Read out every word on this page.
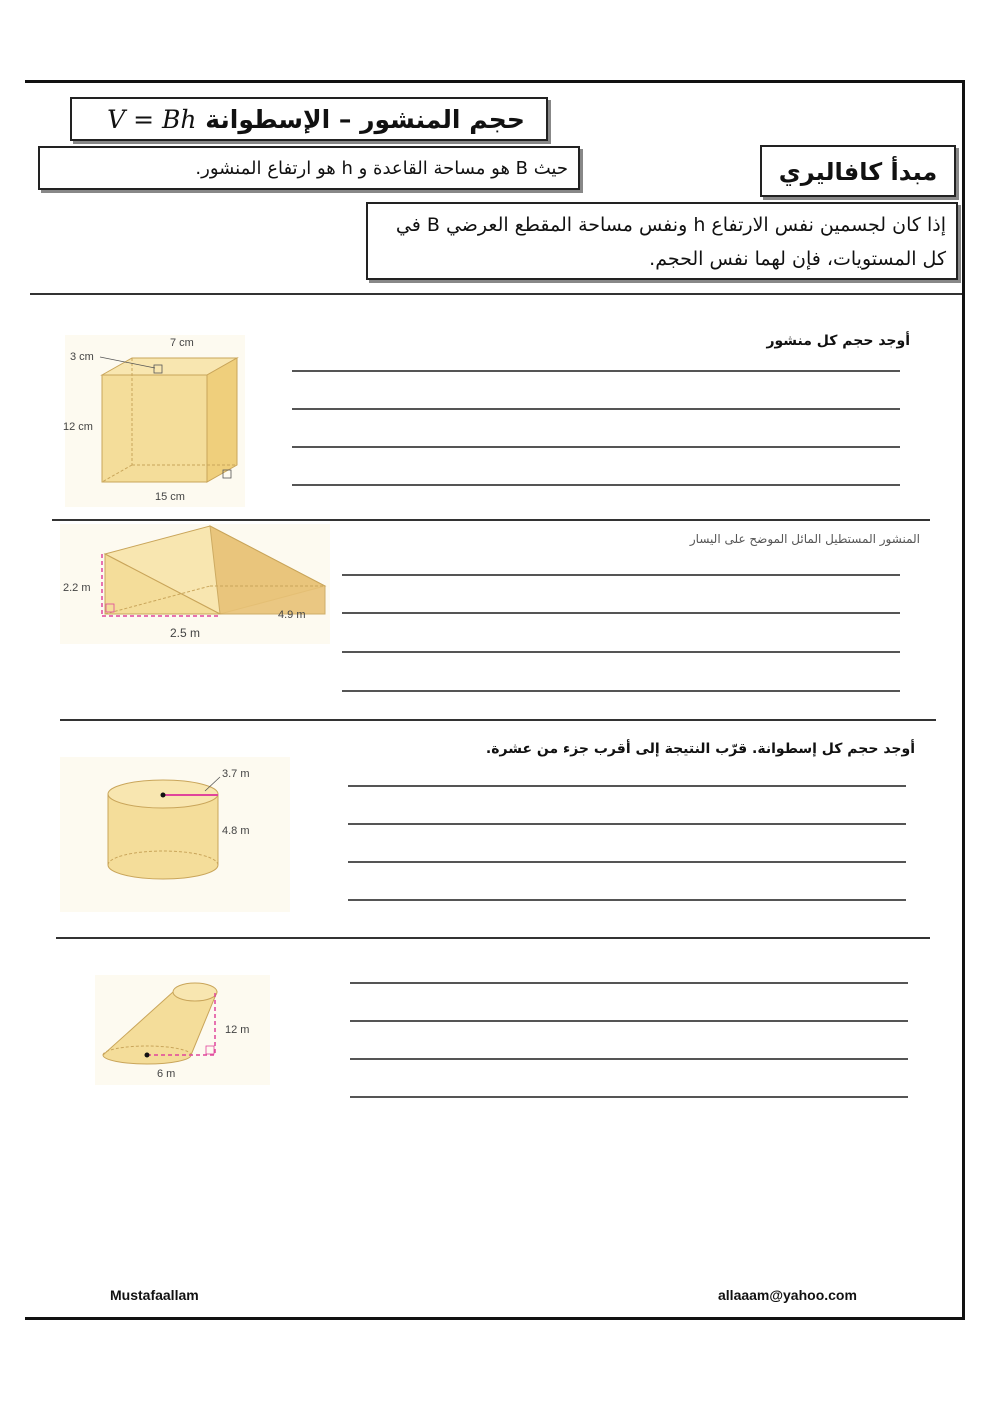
حجم المنشور – الإسطوانة V = Bh
حيث B هو مساحة القاعدة و h هو ارتفاع المنشور.	مبدأ كافاليري
إذا كان لجسمين نفس الارتفاع h ونفس مساحة المقطع العرضي B في كل المستويات، فإن لهما نفس الحجم.
أوجد حجم كل منشور
7 cm
3 cm
12 cm
15 cm
المنشور المستطيل المائل الموضح على اليسار
2.2 m
2.5 m
4.9 m
أوجد حجم كل إسطوانة. قرّب النتيجة إلى أقرب جزء من عشرة.
3.7 m
4.8 m
12 m
6 m
Mustafaallam	allaaam@yahoo.com
